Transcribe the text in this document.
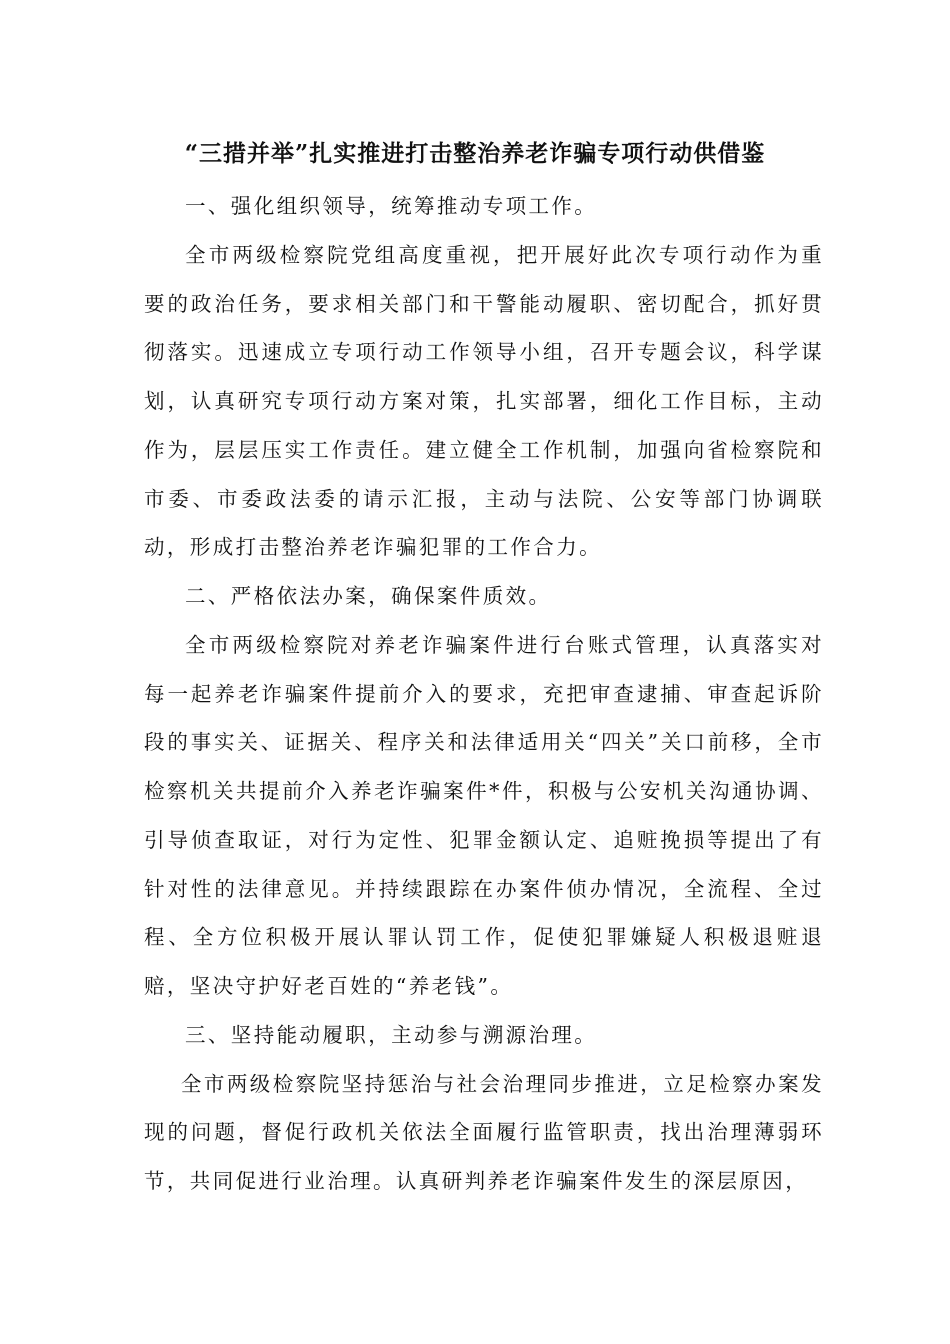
“三措并举”扎实推进打击整治养老诈骗专项行动供借鉴

一、强化组织领导，统筹推动专项工作。

全市两级检察院党组高度重视，把开展好此次专项行动作为重要的政治任务，要求相关部门和干警能动履职、密切配合，抓好贯彻落实。迅速成立专项行动工作领导小组，召开专题会议，科学谋划，认真研究专项行动方案对策，扎实部署，细化工作目标，主动作为，层层压实工作责任。建立健全工作机制，加强向省检察院和市委、市委政法委的请示汇报，主动与法院、公安等部门协调联动，形成打击整治养老诈骗犯罪的工作合力。

二、严格依法办案，确保案件质效。

全市两级检察院对养老诈骗案件进行台账式管理，认真落实对每一起养老诈骗案件提前介入的要求，充把审查逮捕、审查起诉阶段的事实关、证据关、程序关和法律适用关“四关”关口前移，全市检察机关共提前介入养老诈骗案件*件，积极与公安机关沟通协调、引导侦查取证，对行为定性、犯罪金额认定、追赃挽损等提出了有针对性的法律意见。并持续跟踪在办案件侦办情况，全流程、全过程、全方位积极开展认罪认罚工作，促使犯罪嫌疑人积极退赃退赔，坚决守护好老百姓的“养老钱”。

三、坚持能动履职，主动参与溯源治理。

全市两级检察院坚持惩治与社会治理同步推进，立足检察办案发现的问题，督促行政机关依法全面履行监管职责，找出治理薄弱环节，共同促进行业治理。认真研判养老诈骗案件发生的深层原因，
